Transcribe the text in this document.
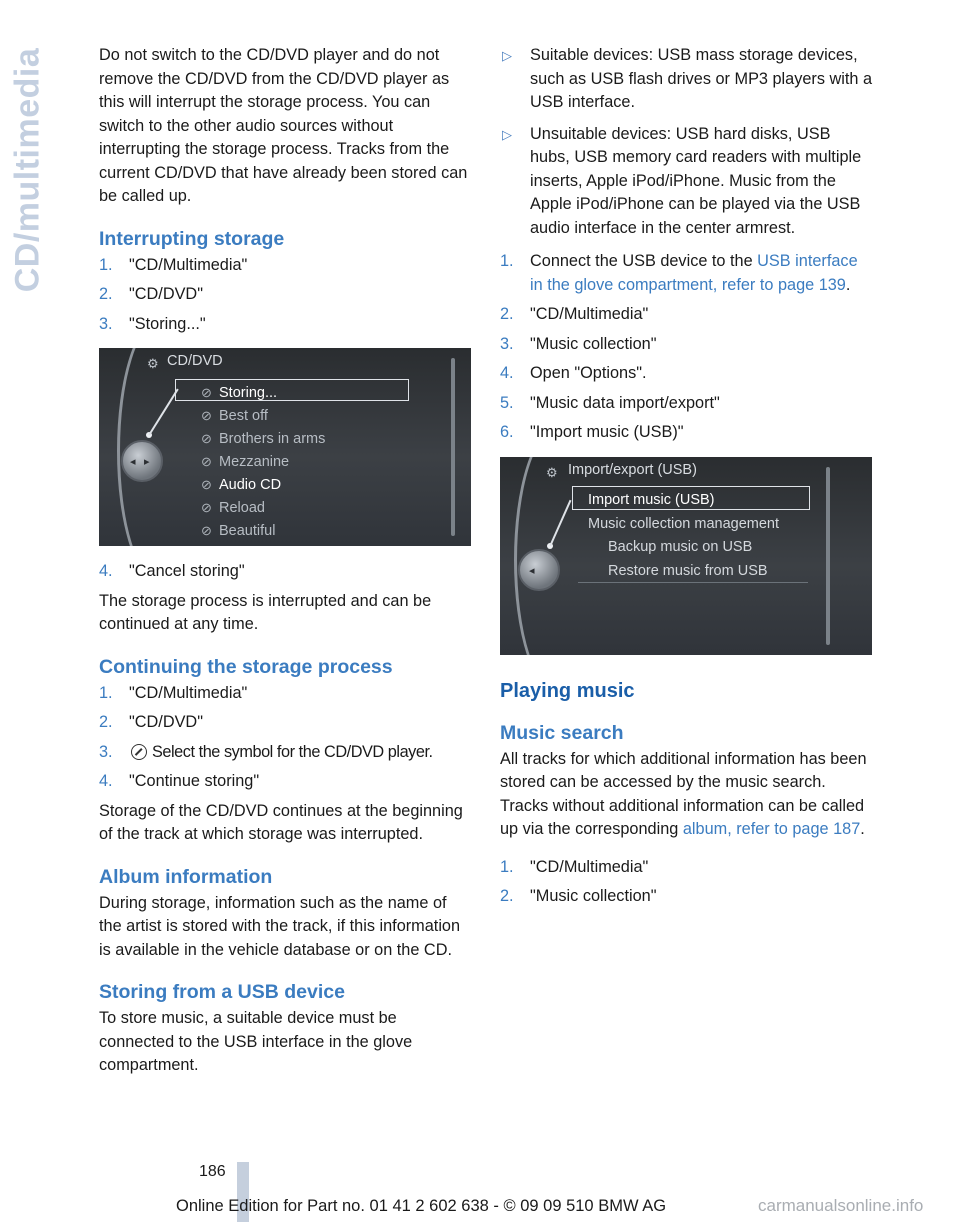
CD/multimedia	Do not switch to the CD/DVD player and do not remove the CD/DVD from the CD/DVD player as this will interrupt the storage process. You can switch to the other audio sources without interrupting the storage process. Tracks from the current CD/DVD that have already been stored can be called up.

Interrupting storage
1. "CD/Multimedia"
2. "CD/DVD"
3. "Storing..."
⚙ CD/DVD
◂ ▸
⊘ Storing...
⊘ Best off
⊘ Brothers in arms
⊘ Mezzanine
⊘ Audio CD
⊘ Reload
⊘ Beautiful
4. "Cancel storing"

The storage process is interrupted and can be continued at any time.

Continuing the storage process
1. "CD/Multimedia"
2. "CD/DVD"
3. Select the symbol for the CD/DVD player.
4. "Continue storing"

Storage of the CD/DVD continues at the beginning of the track at which storage was interrupted.

Album information

During storage, information such as the name of the artist is stored with the track, if this information is available in the vehicle database or on the CD.

Storing from a USB device

To store music, a suitable device must be connected to the USB interface in the glove compartment.

▷ Suitable devices: USB mass storage devices, such as USB flash drives or MP3 players with a USB interface.
▷ Unsuitable devices: USB hard disks, USB hubs, USB memory card readers with multiple inserts, Apple iPod/iPhone. Music from the Apple iPod/iPhone can be played via the USB audio interface in the center armrest.
1. Connect the USB device to the USB interface in the glove compartment, refer to page 139.
2. "CD/Multimedia"
3. "Music collection"
4. Open "Options".
5. "Music data import/export"
6. "Import music (USB)"
⚙ Import/export (USB)
◂
Import music (USB)
Music collection management
Backup music on USB
Restore music from USB
Playing music
Music search

All tracks for which additional information has been stored can be accessed by the music search. Tracks without additional information can be called up via the corresponding album, refer to page 187.

1. "CD/Multimedia"
2. "Music collection"
186
Online Edition for Part no. 01 41 2 602 638 - © 09 09 510 BMW AG	carmanualsonline.info
